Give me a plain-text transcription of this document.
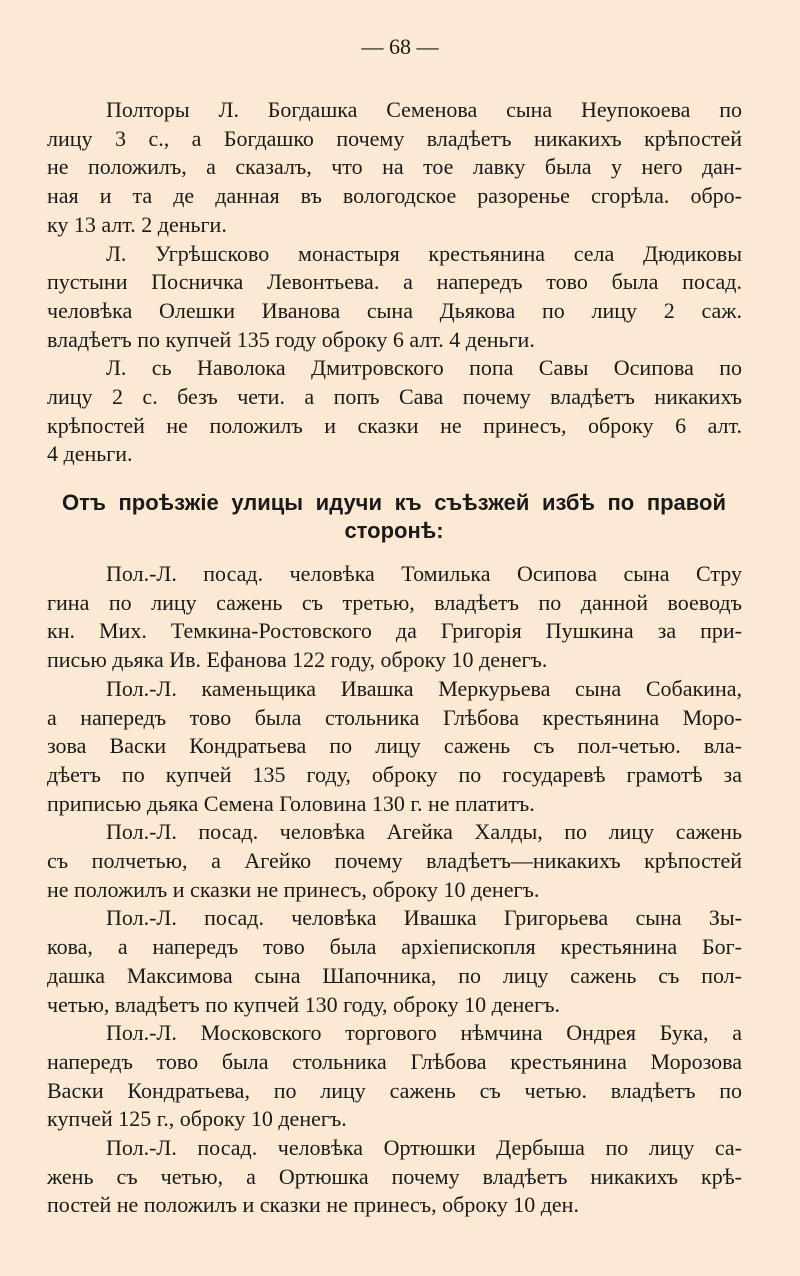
— 68 —
Полторы Л. Богдашка Семенова сына Неупокоева по
лицу 3 с., а Богдашко почему владѣетъ никакихъ крѣпостей
не положилъ, а сказалъ, что на тое лавку была у него дан-
ная и та де данная въ вологодское разоренье сгорѣла. обро-
ку 13 алт. 2 деньги.
Л. Угрѣшсково монастыря крестьянина села Дюдиковы
пустыни Посничка Левонтьева. а напередъ тово была посад.
человѣка Олешки Иванова сына Дьякова по лицу 2 саж.
владѣетъ по купчей 135 году оброку 6 алт. 4 деньги.
Л. сь Наволока Дмитровского попа Савы Осипова по
лицу 2 с. безъ чети. а попъ Сава почему владѣетъ никакихъ
крѣпостей не положилъ и сказки не принесъ, оброку 6 алт.
4 деньги.
Отъ проѣзжіе улицы идучи къ съѣзжей избѣ по правой
сторонѣ:
Пол.-Л. посад. человѣка Томилька Осипова сына Стру
гина по лицу сажень съ третью, владѣетъ по данной воеводъ
кн. Мих. Темкина-Ростовского да Григорія Пушкина за при-
писью дьяка Ив. Ефанова 122 году, оброку 10 денегъ.
Пол.-Л. каменьщика Ивашка Меркурьева сына Собакина,
а напередъ тово была стольника Глѣбова крестьянина Моро-
зова Васки Кондратьева по лицу сажень съ пол-четью. вла-
дѣетъ по купчей 135 году, оброку по государевѣ грамотѣ за
приписью дьяка Семена Головина 130 г. не платитъ.
Пол.-Л. посад. человѣка Агейка Халды, по лицу сажень
съ полчетью, а Агейко почему владѣетъ—никакихъ крѣпостей
не положилъ и сказки не принесъ, оброку 10 денегъ.
Пол.-Л. посад. человѣка Ивашка Григорьева сына Зы-
кова, а напередъ тово была архіепископля крестьянина Бог-
дашка Максимова сына Шапочника, по лицу сажень съ пол-
четью, владѣетъ по купчей 130 году, оброку 10 денегъ.
Пол.-Л. Московского торгового нѣмчина Ондрея Бука, а
напередъ тово была стольника Глѣбова крестьянина Морозова
Васки Кондратьева, по лицу сажень съ четью. владѣетъ по
купчей 125 г., оброку 10 денегъ.
Пол.-Л. посад. человѣка Ортюшки Дербыша по лицу са-
жень съ четью, а Ортюшка почему владѣетъ никакихъ крѣ-
постей не положилъ и сказки не принесъ, оброку 10 ден.
